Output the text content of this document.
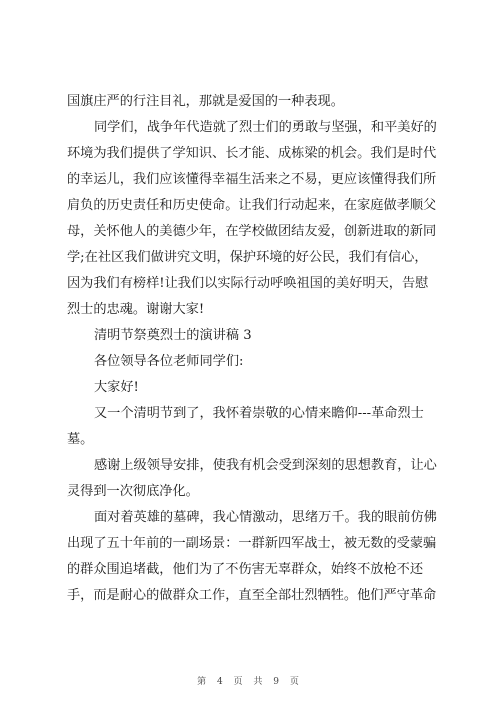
国旗庄严的行注目礼，那就是爱国的一种表现。
同学们，战争年代造就了烈士们的勇敢与坚强，和平美好的
环境为我们提供了学知识、长才能、成栋梁的机会。我们是时代
的幸运儿，我们应该懂得幸福生活来之不易，更应该懂得我们所
肩负的历史责任和历史使命。让我们行动起来，在家庭做孝顺父
母，关怀他人的美德少年，在学校做团结友爱，创新进取的新同
学;在社区我们做讲究文明，保护环境的好公民，我们有信心，
因为我们有榜样!让我们以实际行动呼唤祖国的美好明天，告慰
烈士的忠魂。谢谢大家!
清明节祭奠烈士的演讲稿 3
各位领导各位老师同学们:
大家好!
又一个清明节到了，我怀着崇敬的心情来瞻仰---革命烈士
墓。
感谢上级领导安排，使我有机会受到深刻的思想教育，让心
灵得到一次彻底净化。
面对着英雄的墓碑，我心情激动，思绪万千。我的眼前仿佛
出现了五十年前的一副场景：一群新四军战士，被无数的受蒙骗
的群众围追堵截，他们为了不伤害无辜群众，始终不放枪不还
手，而是耐心的做群众工作，直至全部壮烈牺牲。他们严守革命
第 4 页 共 9 页
